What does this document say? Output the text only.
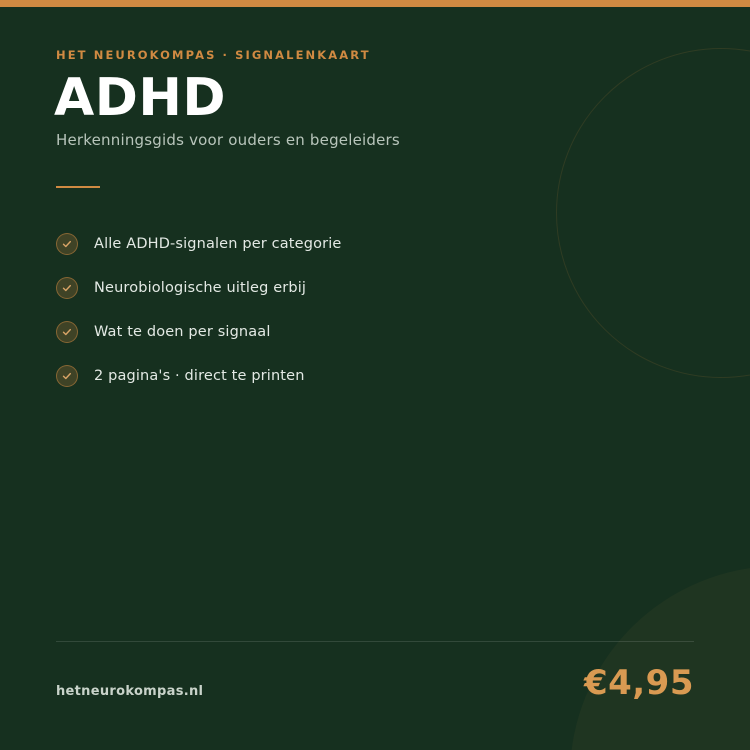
HET NEUROKOMPAS · SIGNALENKAART
ADHD
Herkenningsgids voor ouders en begeleiders
Alle ADHD-signalen per categorie
Neurobiologische uitleg erbij
Wat te doen per signaal
2 pagina's · direct te printen
hetneurokompas.nl	€4,95
